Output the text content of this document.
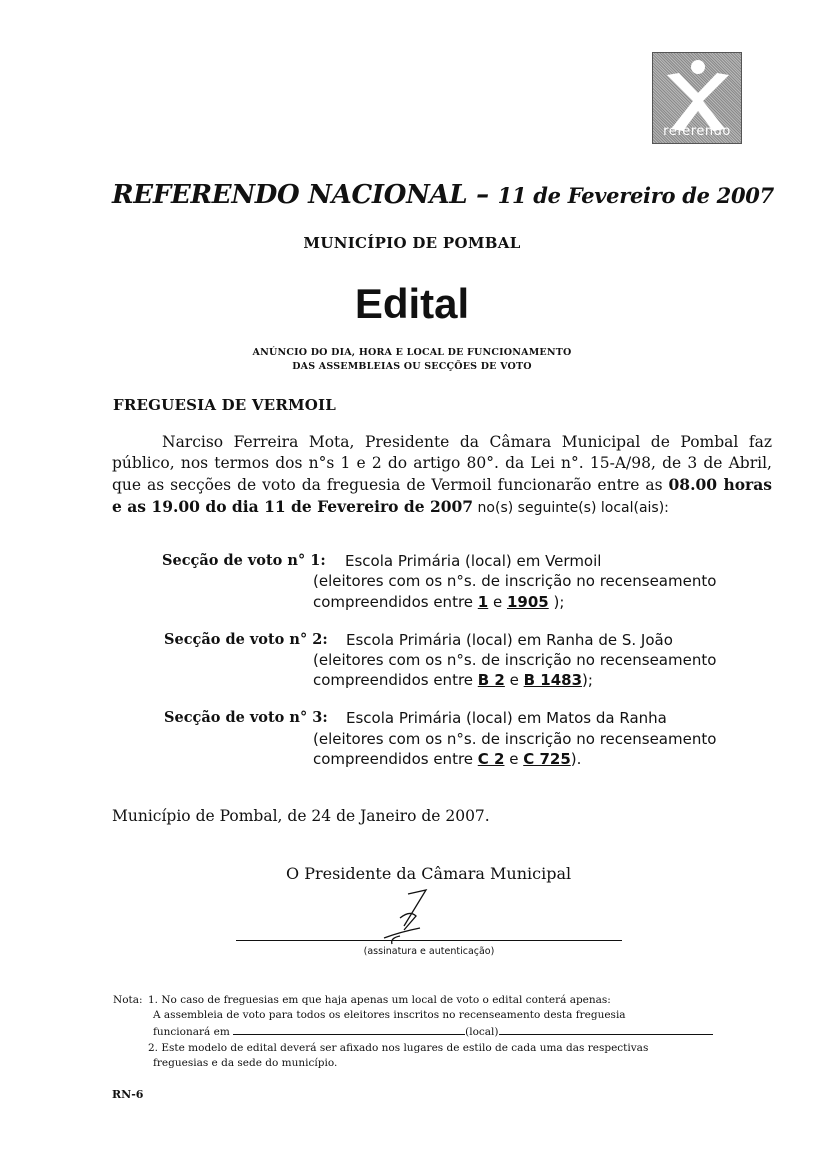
referendo
REFERENDO NACIONAL – 11 de Fevereiro de 2007
MUNICÍPIO DE POMBAL
Edital
ANÚNCIO DO DIA, HORA E LOCAL DE FUNCIONAMENTO
DAS ASSEMBLEIAS OU SECÇÕES DE VOTO
FREGUESIA DE VERMOIL
Narciso Ferreira Mota, Presidente da Câmara Municipal de Pombal faz público, nos termos dos n°s 1 e 2 do artigo 80°. da Lei n°. 15-A/98, de 3 de Abril, que as secções de voto da freguesia de Vermoil funcionarão entre as 08.00 horas e as 19.00 do dia 11 de Fevereiro de 2007 no(s) seguinte(s) local(ais):
Secção de voto n° 1: Escola Primária (local) em Vermoil
(eleitores com os n°s. de inscrição no recenseamento
compreendidos entre 1 e 1905 );
Secção de voto n° 2: Escola Primária (local) em Ranha de S. João
(eleitores com os n°s. de inscrição no recenseamento
compreendidos entre B 2 e B 1483);
Secção de voto n° 3: Escola Primária (local) em Matos da Ranha
(eleitores com os n°s. de inscrição no recenseamento
compreendidos entre C 2 e C 725).
Município de Pombal, de 24 de Janeiro de 2007.
O Presidente da Câmara Municipal
(assinatura e autenticação)
Nota: 1. No caso de freguesias em que haja apenas um local de voto o edital conterá apenas:
A assembleia de voto para todos os eleitores inscritos no recenseamento desta freguesia
funcionará em	(local)
2. Este modelo de edital deverá ser afixado nos lugares de estilo de cada uma das respectivas
freguesias e da sede do município.
RN-6
